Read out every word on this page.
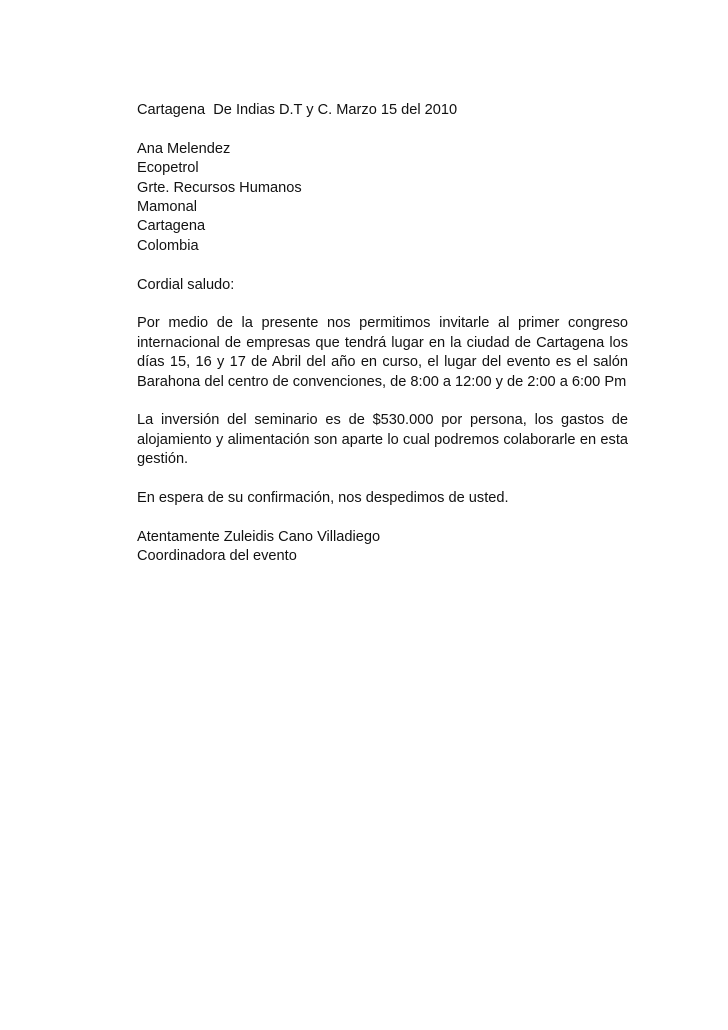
Cartagena  De Indias D.T y C. Marzo 15 del 2010
Ana Melendez
Ecopetrol
Grte. Recursos Humanos
Mamonal
Cartagena
Colombia
Cordial saludo:

Por medio de la presente nos permitimos invitarle al primer congreso internacional de empresas que tendrá lugar en la ciudad de Cartagena los días 15, 16 y 17 de Abril del año en curso, el lugar del evento es el salón Barahona del centro de convenciones, de 8:00 a 12:00 y de 2:00 a 6:00 Pm

La inversión del seminario es de $530.000 por persona, los gastos de alojamiento y alimentación son aparte lo cual podremos colaborarle en esta gestión.

En espera de su confirmación, nos despedimos de usted.
Atentamente Zuleidis Cano Villadiego
Coordinadora del evento
